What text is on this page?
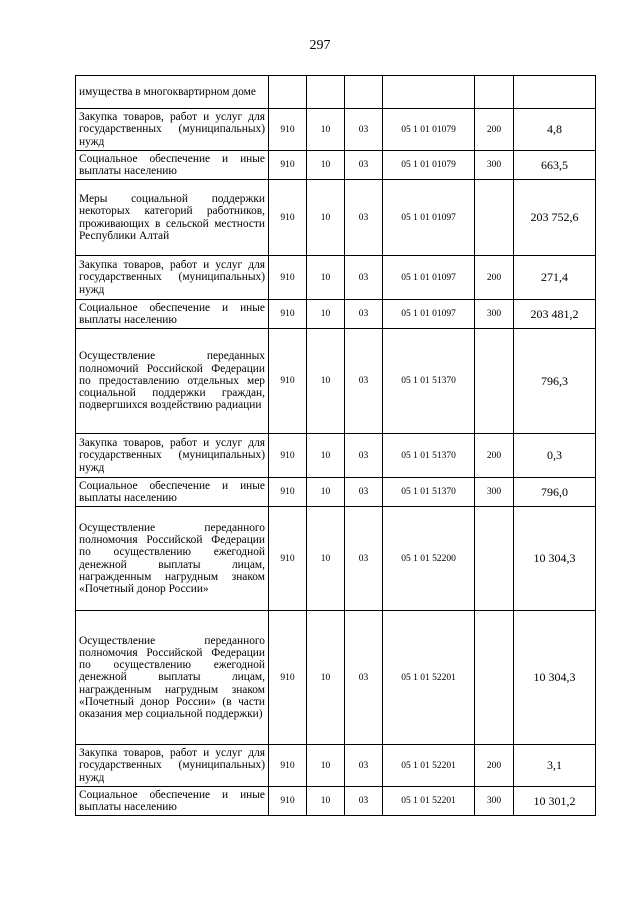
297
имущества в многоквартирном доме						
Закупка товаров, работ и услуг для государственных (муниципальных) нужд	910	10	03	05 1 01 01079	200	4,8
Социальное обеспечение и иные выплаты населению	910	10	03	05 1 01 01079	300	663,5
Меры социальной поддержки некоторых категорий работников, проживающих в сельской местности Республики Алтай	910	10	03	05 1 01 01097		203 752,6
Закупка товаров, работ и услуг для государственных (муниципальных) нужд	910	10	03	05 1 01 01097	200	271,4
Социальное обеспечение и иные выплаты населению	910	10	03	05 1 01 01097	300	203 481,2
Осуществление переданных полномочий Российской Федерации по предоставлению отдельных мер социальной поддержки граждан, подвергшихся воздействию радиации	910	10	03	05 1 01 51370		796,3
Закупка товаров, работ и услуг для государственных (муниципальных) нужд	910	10	03	05 1 01 51370	200	0,3
Социальное обеспечение и иные выплаты населению	910	10	03	05 1 01 51370	300	796,0
Осуществление переданного полномочия Российской Федерации по осуществлению ежегодной денежной выплаты лицам, награжденным нагрудным знаком «Почетный донор России»	910	10	03	05 1 01 52200		10 304,3
Осуществление переданного полномочия Российской Федерации по осуществлению ежегодной денежной выплаты лицам, награжденным нагрудным знаком «Почетный донор России» (в части оказания мер социальной поддержки)	910	10	03	05 1 01 52201		10 304,3
Закупка товаров, работ и услуг для государственных (муниципальных) нужд	910	10	03	05 1 01 52201	200	3,1
Социальное обеспечение и иные выплаты населению	910	10	03	05 1 01 52201	300	10 301,2
